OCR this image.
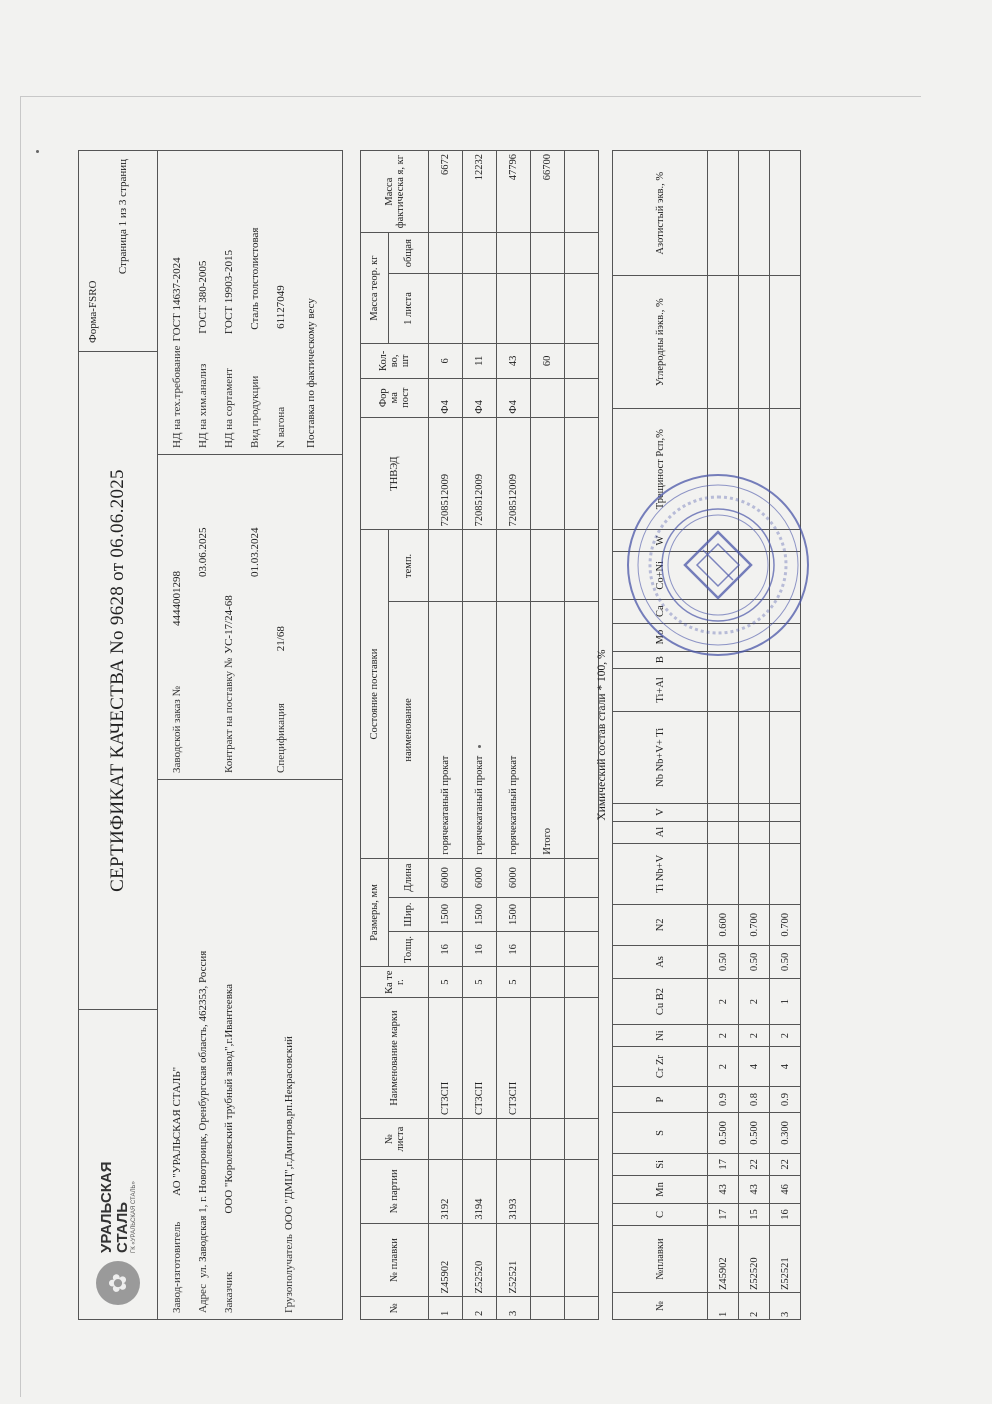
✿
УРАЛЬСКАЯ
СТАЛЬ ГК «УРАЛЬСКАЯ СТАЛЬ»
СЕРТИФИКАТ КАЧЕСТВА No 9628 от 06.06.2025
Форма-FSRO
Страница 1 из 3 страниц
Завод-изготовитель
АО "УРАЛЬСКАЯ СТАЛЬ"
Адрес
ул. Заводская 1, г. Новотроицк, Оренбургская область, 462353, Россия
Заказчик
ООО "Королевский трубный завод",г.Ивантеевка
Грузополучатель
ООО "ДМЦ",г.Дмитров,рп.Некрасовский
Заводской заказ №
4444001298
03.06.2025
Контракт на поставку №
УС-17/24-68
01.03.2024
Спецификация
21/68
НД на тех.требование
ГОСТ 14637-2024
НД на хим.анализ
ГОСТ 380-2005
НД на сортамент
ГОСТ 19903-2015
Вид продукции
Сталь толстолистовая
N вагона
61127049	Поставка по фактическому весу
№	№ плавки	№ партии	№ листа	Наименование марки	Ка те г.	Размеры, мм			Состояние поставки		ТНВЭД	Фор ма пост	Кол- во, шт	Масса теор. кг		Масса фактическа я, кг
						Толщ.	Шир.	Длина	наименование	темп.				1 листа	общая	
1	Z45902	3192		СТ3СП	5	16	1500	6000	горячекатаный прокат		7208512009	Ф4	6			6672
2	Z52520	3194		СТ3СП	5	16	1500	6000	горячекатаный прокат		7208512009	Ф4	11			12232
3	Z52521	3193		СТ3СП	5	16	1500	6000	горячекатаный прокат		7208512009	Ф4	43			47796
									Итого				60			66700

Химический состав стали * 100, %
№	№плавки	C	Mn	Si	S	P	Cr Zr	Ni	Cu B2	As	N2	Ti Nb+V	Al	V	Nb Nb+V+ Ti	Ti+Al	B	Mo	Ca	Co+Ni	W	Трещиност Рсп,%	Углеродны йэкв., %	Азотистый экв., %
1	Z45902	17	43	17	0.500	0.9	2	2	2	0.50	0.600													
2	Z52520	15	43	22	0.500	0.8	4	2	2	0.50	0.700													
3	Z52521	16	46	22	0.300	0.9	4	2	1	0.50	0.700													
